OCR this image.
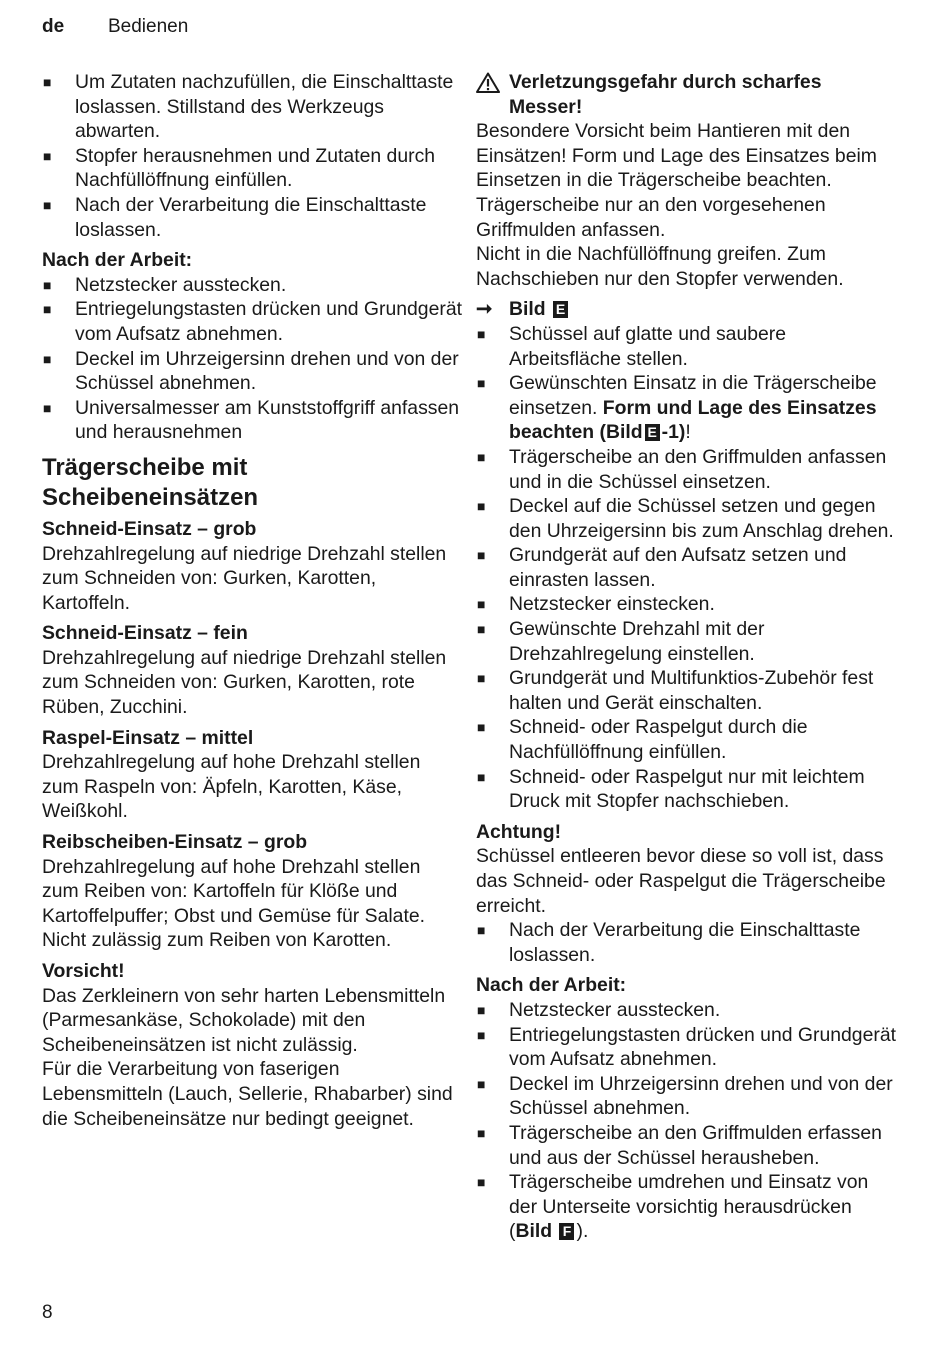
de Bedienen
■ Um Zutaten nachzufüllen, die Einschalttaste loslassen. Stillstand des Werkzeugs abwarten.
■ Stopfer herausnehmen und Zutaten durch Nachfüllöffnung einfüllen.
■ Nach der Verarbeitung die Einschalttaste loslassen.
Nach der Arbeit:
■ Netzstecker ausstecken.
■ Entriegelungstasten drücken und Grundgerät vom Aufsatz abnehmen.
■ Deckel im Uhrzeigersinn drehen und von der Schüssel abnehmen.
■ Universalmesser am Kunststoffgriff anfassen und herausnehmen
Trägerscheibe mit
Scheibeneinsätzen
Schneid-Einsatz – grob
Drehzahlregelung auf niedrige Drehzahl stellen zum Schneiden von: Gurken, Karotten, Kartoffeln.
Schneid-Einsatz – fein
Drehzahlregelung auf niedrige Drehzahl stellen zum Schneiden von: Gurken, Karotten, rote Rüben, Zucchini.
Raspel-Einsatz – mittel
Drehzahlregelung auf hohe Drehzahl stellen zum Raspeln von: Äpfeln, Karotten, Käse, Weißkohl.
Reibscheiben-Einsatz – grob
Drehzahlregelung auf hohe Drehzahl stellen zum Reiben von: Kartoffeln für Klöße und Kartoffelpuffer; Obst und Gemüse für Salate. Nicht zulässig zum Reiben von Karotten.
Vorsicht!
Das Zerkleinern von sehr harten Lebensmitteln (Parmesankäse, Schokolade) mit den Scheibeneinsätzen ist nicht zulässig.
Für die Verarbeitung von faserigen Lebensmitteln (Lauch, Sellerie, Rhabarber) sind die Scheibeneinsätze nur bedingt geeignet.
Verletzungsgefahr durch scharfes Messer!
Besondere Vorsicht beim Hantieren mit den Einsätzen! Form und Lage des Einsatzes beim Einsetzen in die Trägerscheibe beachten. Trägerscheibe nur an den vorgesehenen Griffmulden anfassen.
Nicht in die Nachfüllöffnung greifen. Zum Nachschieben nur den Stopfer verwenden.
➞ Bild E
■ Schüssel auf glatte und saubere Arbeitsfläche stellen.
■ Gewünschten Einsatz in die Trägerscheibe einsetzen. Form und Lage des Einsatzes beachten (Bild E -1)!
■ Trägerscheibe an den Griffmulden anfassen und in die Schüssel einsetzen.
■ Deckel auf die Schüssel setzen und gegen den Uhrzeigersinn bis zum Anschlag drehen.
■ Grundgerät auf den Aufsatz setzen und einrasten lassen.
■ Netzstecker einstecken.
■ Gewünschte Drehzahl mit der Drehzahlregelung einstellen.
■ Grundgerät und Multifunktios-Zubehör fest halten und Gerät einschalten.
■ Schneid- oder Raspelgut durch die Nachfüllöffnung einfüllen.
■ Schneid- oder Raspelgut nur mit leichtem Druck mit Stopfer nachschieben.
Achtung!
Schüssel entleeren bevor diese so voll ist, dass das Schneid- oder Raspelgut die Trägerscheibe erreicht.
■ Nach der Verarbeitung die Einschalttaste loslassen.
Nach der Arbeit:
■ Netzstecker ausstecken.
■ Entriegelungstasten drücken und Grundgerät vom Aufsatz abnehmen.
■ Deckel im Uhrzeigersinn drehen und von der Schüssel abnehmen.
■ Trägerscheibe an den Griffmulden erfassen und aus der Schüssel herausheben.
■ Trägerscheibe umdrehen und Einsatz von der Unterseite vorsichtig herausdrücken (Bild F ).
8
